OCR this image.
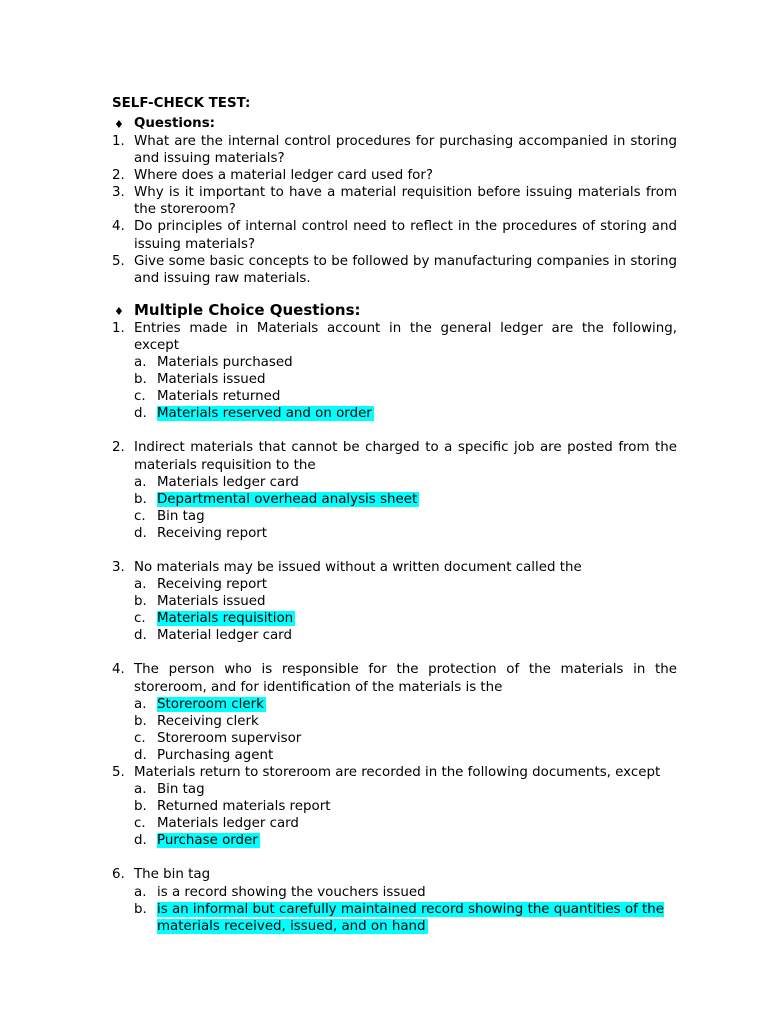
SELF-CHECK TEST:
♦ Questions:
1. What are the internal control procedures for purchasing accompanied in storing and issuing materials?
2. Where does a material ledger card used for?
3. Why is it important to have a material requisition before issuing materials from the storeroom?
4. Do principles of internal control need to reflect in the procedures of storing and issuing materials?
5. Give some basic concepts to be followed by manufacturing companies in storing and issuing raw materials.
♦ Multiple Choice Questions:
1. Entries made in Materials account in the general ledger are the following, except
a. Materials purchased
b. Materials issued
c. Materials returned
d. Materials reserved and on order
2. Indirect materials that cannot be charged to a specific job are posted from the materials requisition to the
a. Materials ledger card
b. Departmental overhead analysis sheet
c. Bin tag
d. Receiving report
3. No materials may be issued without a written document called the
a. Receiving report
b. Materials issued
c. Materials requisition
d. Material ledger card
4. The person who is responsible for the protection of the materials in the storeroom, and for identification of the materials is the
a. Storeroom clerk
b. Receiving clerk
c. Storeroom supervisor
d. Purchasing agent
5. Materials return to storeroom are recorded in the following documents, except
a. Bin tag
b. Returned materials report
c. Materials ledger card
d. Purchase order
6. The bin tag
a. is a record showing the vouchers issued
b. is an informal but carefully maintained record showing the quantities of the materials received, issued, and on hand
